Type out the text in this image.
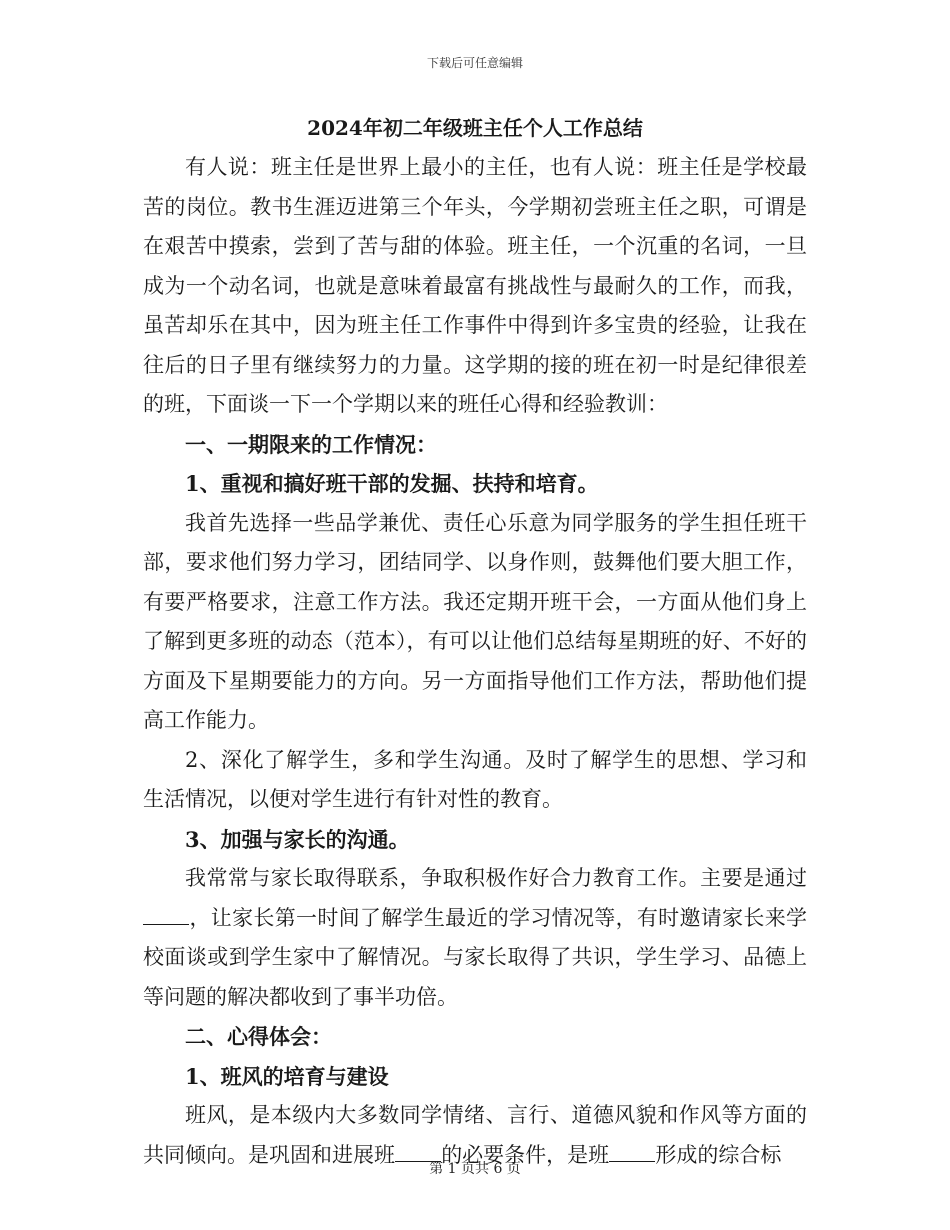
下载后可任意编辑
2024年初二年级班主任个人工作总结

有人说：班主任是世界上最小的主任，也有人说：班主任是学校最苦的岗位。教书生涯迈进第三个年头，今学期初尝班主任之职，可谓是在艰苦中摸索，尝到了苦与甜的体验。班主任，一个沉重的名词，一旦成为一个动名词，也就是意味着最富有挑战性与最耐久的工作，而我，虽苦却乐在其中，因为班主任工作事件中得到许多宝贵的经验，让我在往后的日子里有继续努力的力量。这学期的接的班在初一时是纪律很差的班，下面谈一下一个学期以来的班任心得和经验教训：

一、一期限来的工作情况：

1、重视和搞好班干部的发掘、扶持和培育。

我首先选择一些品学兼优、责任心乐意为同学服务的学生担任班干部，要求他们努力学习，团结同学、以身作则，鼓舞他们要大胆工作，有要严格要求，注意工作方法。我还定期开班干会，一方面从他们身上了解到更多班的动态（范本），有可以让他们总结每星期班的好、不好的方面及下星期要能力的方向。另一方面指导他们工作方法，帮助他们提高工作能力。

2、深化了解学生，多和学生沟通。及时了解学生的思想、学习和生活情况，以便对学生进行有针对性的教育。

3、加强与家长的沟通。

我常常与家长取得联系，争取积极作好合力教育工作。主要是通过，让家长第一时间了解学生最近的学习情况等，有时邀请家长来学校面谈或到学生家中了解情况。与家长取得了共识，学生学习、品德上等问题的解决都收到了事半功倍。

二、心得体会：

1、班风的培育与建设

班风，是本级内大多数同学情绪、言行、道德风貌和作风等方面的共同倾向。是巩固和进展班 的必要条件，是班 形成的综合标

第 1 页共 6 页
